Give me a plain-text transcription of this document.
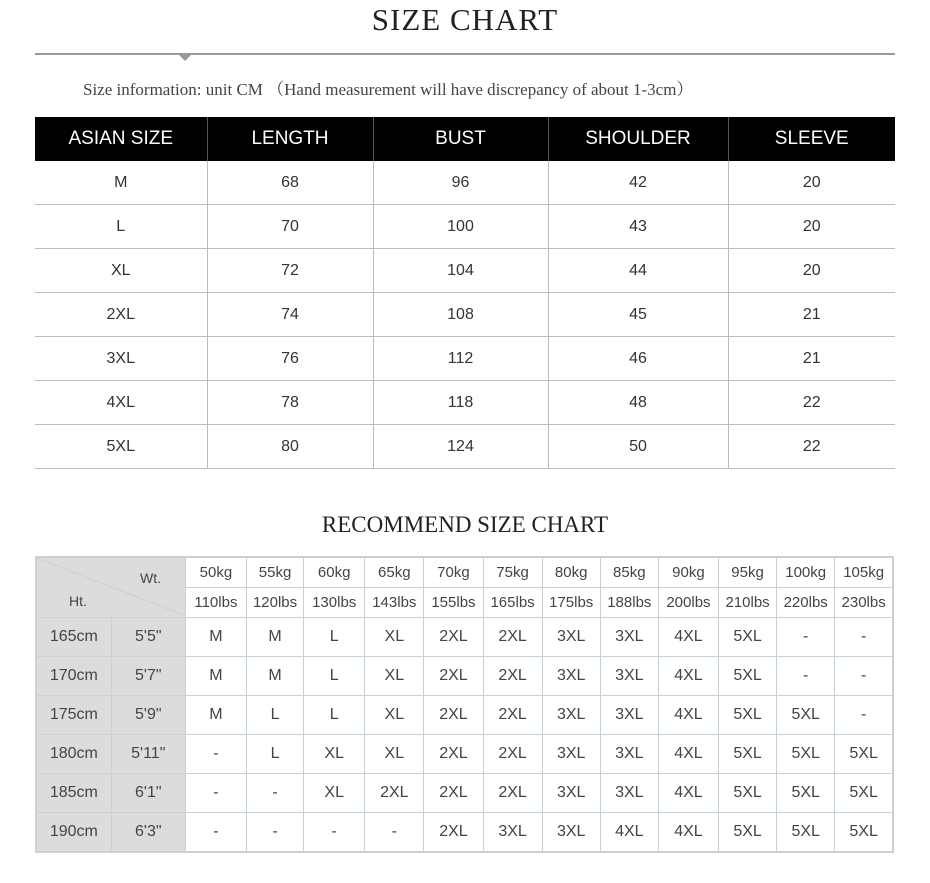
SIZE CHART
Size information: unit CM （Hand measurement will have discrepancy of about 1-3cm）
ASIAN SIZE	LENGTH	BUST	SHOULDER	SLEEVE
M	68	96	42	20
L	70	100	43	20
XL	72	104	44	20
2XL	74	108	45	21
3XL	76	112	46	21
4XL	78	118	48	22
5XL	80	124	50	22
RECOMMEND SIZE CHART
Wt.
Ht.		50kg	55kg	60kg	65kg	70kg	75kg	80kg	85kg	90kg	95kg	100kg	105kg
		110lbs	120lbs	130lbs	143lbs	155lbs	165lbs	175lbs	188lbs	200lbs	210lbs	220lbs	230lbs
165cm	5'5"	M	M	L	XL	2XL	2XL	3XL	3XL	4XL	5XL	-	-
170cm	5'7"	M	M	L	XL	2XL	2XL	3XL	3XL	4XL	5XL	-	-
175cm	5'9"	M	L	L	XL	2XL	2XL	3XL	3XL	4XL	5XL	5XL	-
180cm	5'11"	-	L	XL	XL	2XL	2XL	3XL	3XL	4XL	5XL	5XL	5XL
185cm	6'1"	-	-	XL	2XL	2XL	2XL	3XL	3XL	4XL	5XL	5XL	5XL
190cm	6'3"	-	-	-	-	2XL	3XL	3XL	4XL	4XL	5XL	5XL	5XL
